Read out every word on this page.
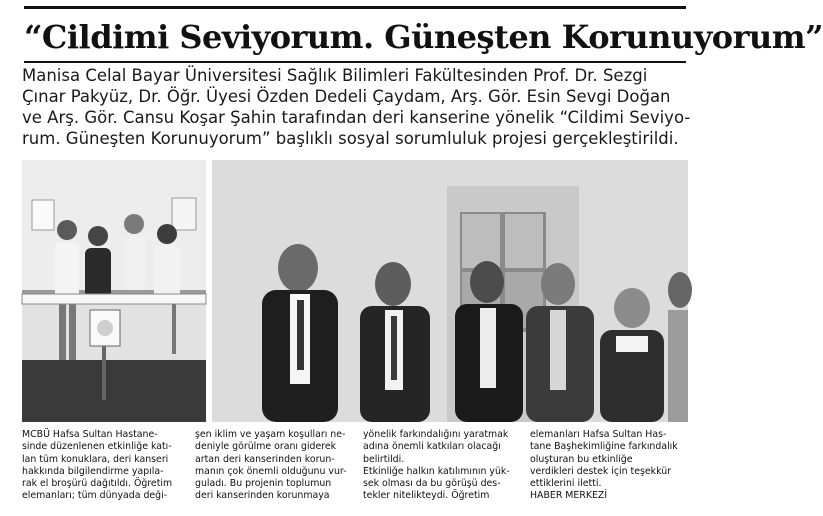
“Cildimi Seviyorum. Güneşten Korunuyorum”
Manisa Celal Bayar Üniversitesi Sağlık Bilimleri Fakültesinden Prof. Dr. Sezgi
Çınar Pakyüz, Dr. Öğr. Üyesi Özden Dedeli Çaydam, Arş. Gör. Esin Sevgi Doğan
ve Arş. Gör. Cansu Koşar Şahin tarafından deri kanserine yönelik “Cildimi Seviyo-
rum. Güneşten Korunuyorum” başlıklı sosyal sorumluluk projesi gerçekleştirildi.
MCBÜ Hafsa Sultan Hastane-
sinde düzenlenen etkinliğe katı-
lan tüm konuklara, deri kanseri
hakkında bilgilendirme yapıla-
rak el broşürü dağıtıldı. Öğretim
elemanları; tüm dünyada deği-
şen iklim ve yaşam koşulları ne-
deniyle görülme oranı giderek
artan deri kanserinden korun-
manın çok önemli olduğunu vur-
guladı. Bu projenin toplumun
deri kanserinden korunmaya
yönelik farkındalığını yaratmak
adına önemli katkıları olacağı
belirtildi.
Etkinliğe halkın katılımının yük-
sek olması da bu görüşü des-
tekler nitelikteydi. Öğretim
elemanları Hafsa Sultan Has-
tane Başhekimliğine farkındalık
oluşturan bu etkinliğe
verdikleri destek için teşekkür
ettiklerini iletti.
HABER MERKEZİ
